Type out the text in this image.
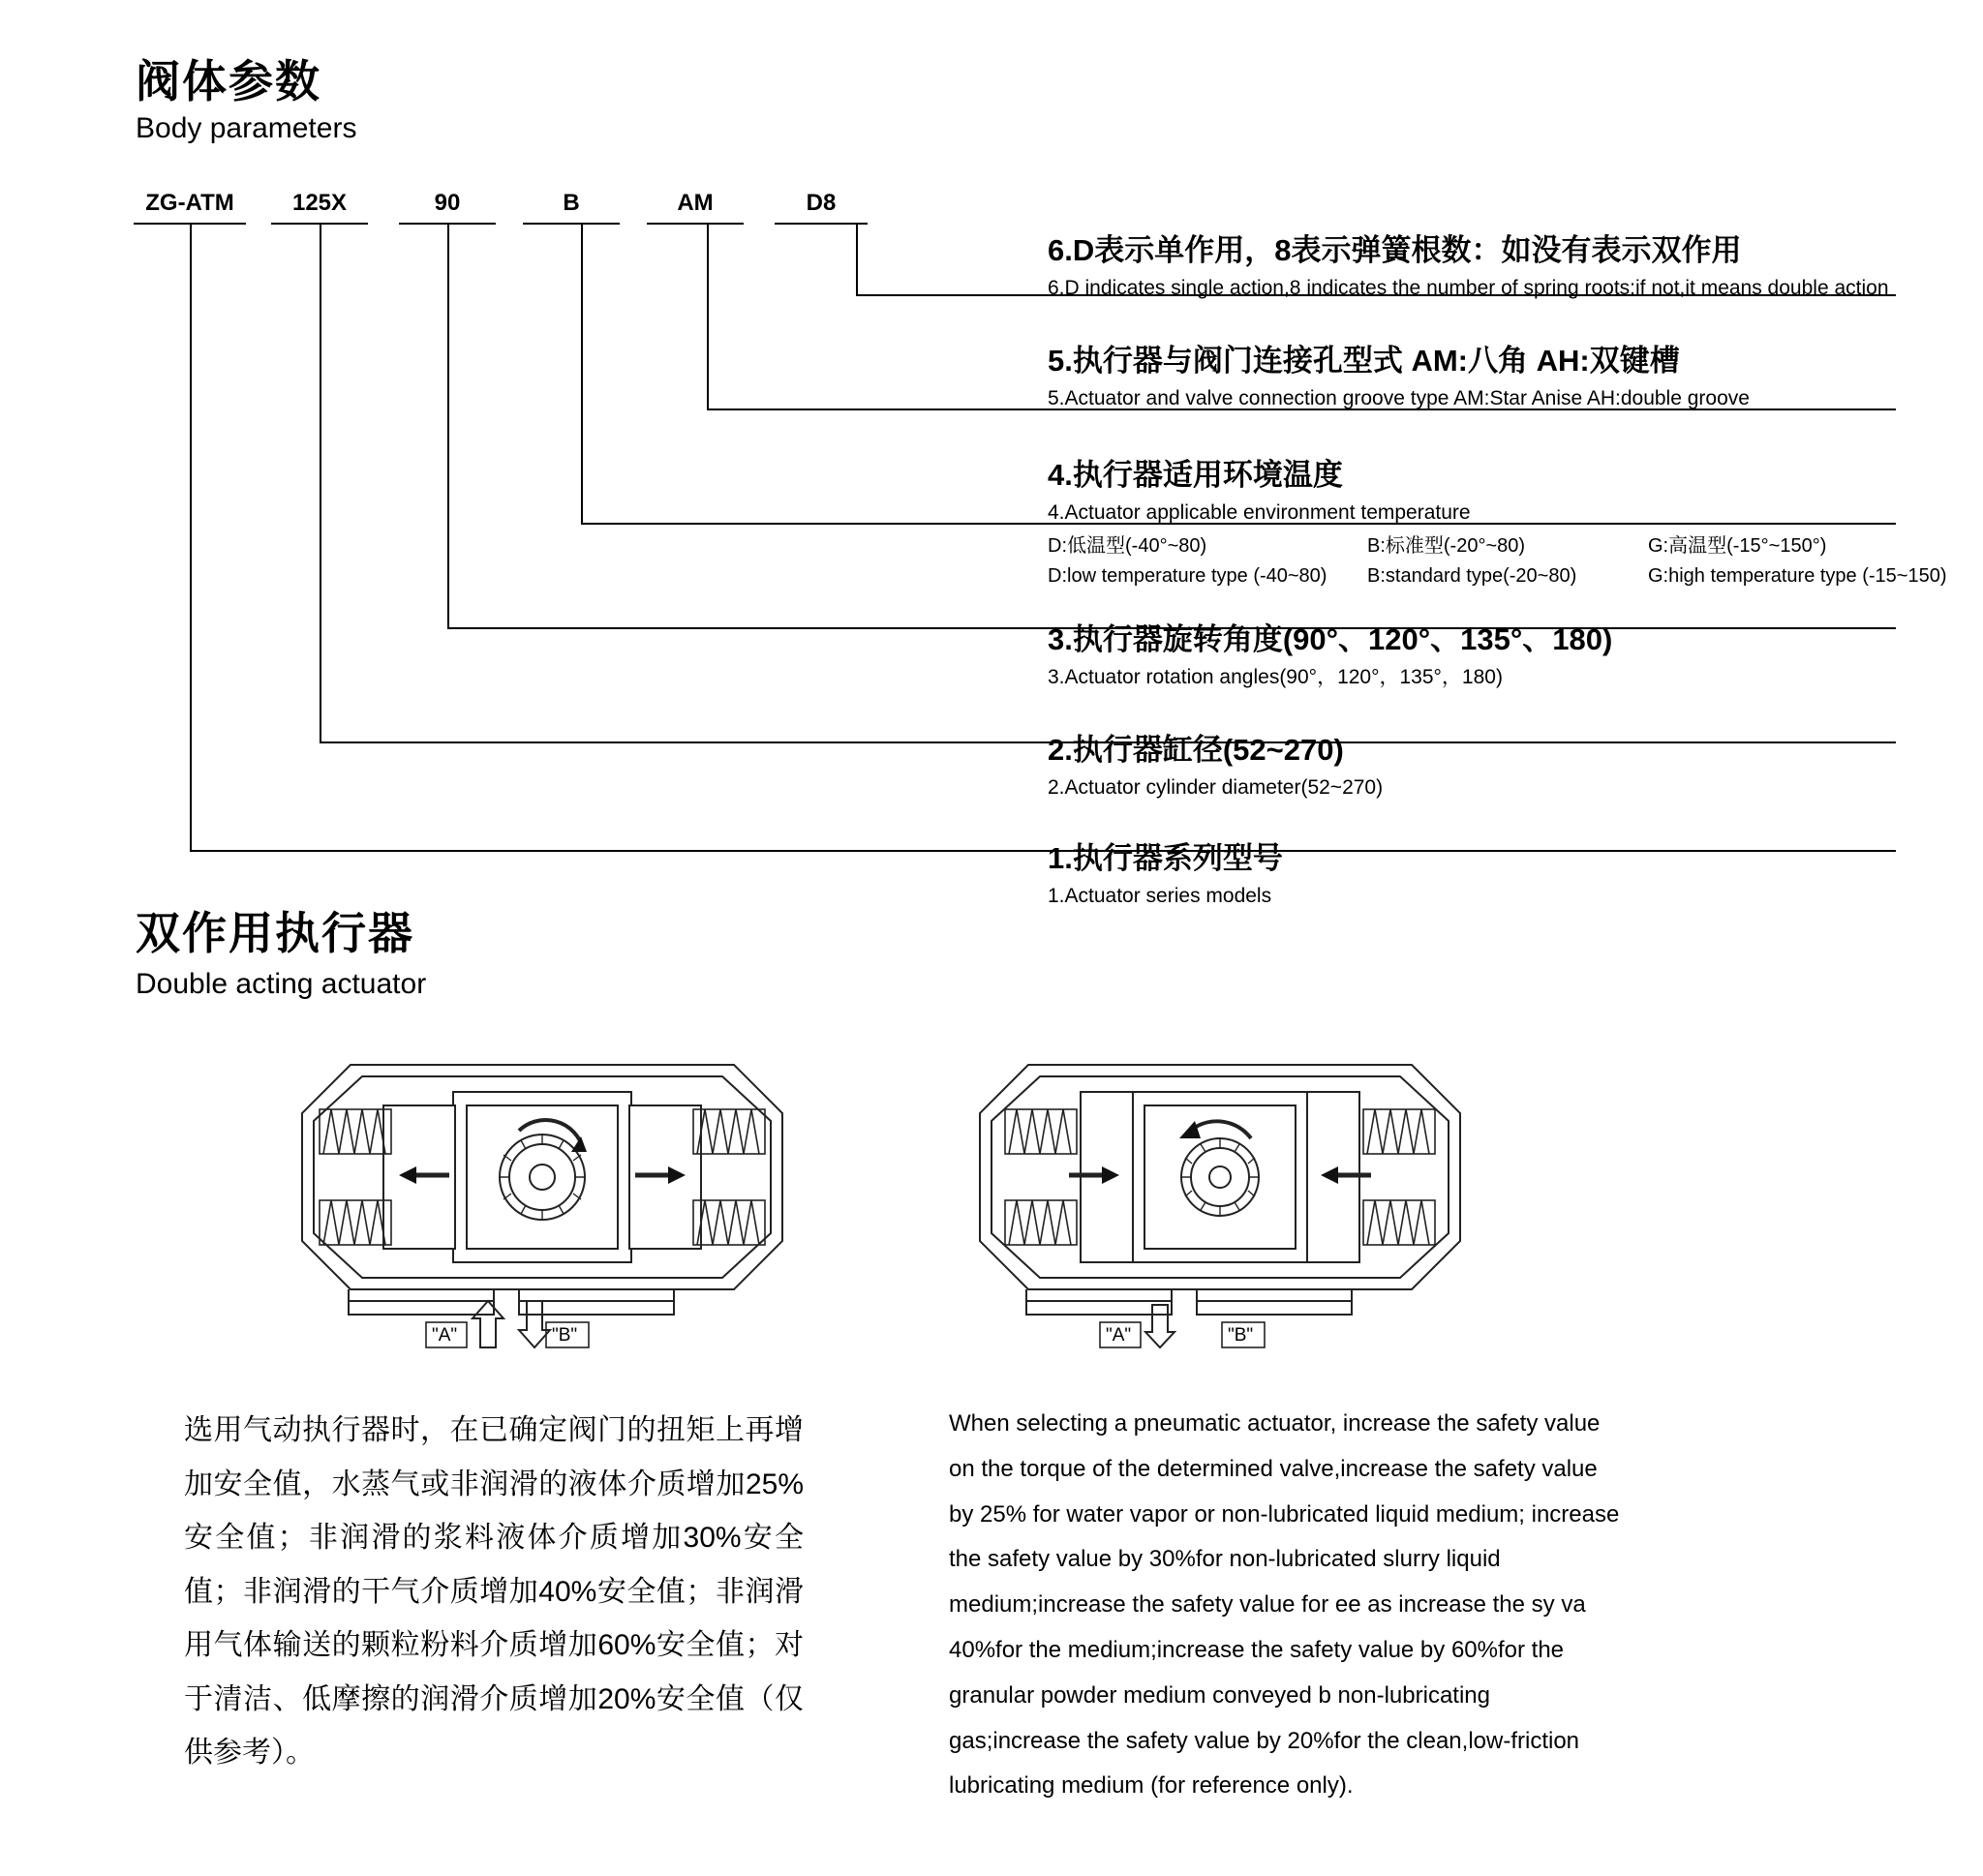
阀体参数
Body parameters
ZG-ATM	125X	90	B	AM	D8
6.D表示单作用，8表示弹簧根数：如没有表示双作用
6.D indicates single action,8 indicates the number of spring roots:if not,it means double action
5.执行器与阀门连接孔型式 AM:八角 AH:双键槽
5.Actuator and valve connection groove type AM:Star Anise AH:double groove
4.执行器适用环境温度
4.Actuator applicable environment temperature
D:低温型(-40°~80)	B:标准型(-20°~80)	G:高温型(-15°~150°)
D:low temperature type (-40~80)	B:standard type(-20~80)	G:high temperature type (-15~150)
3.执行器旋转角度(90°、120°、135°、180)
3.Actuator rotation angles(90°，120°，135°，180)
2.执行器缸径(52~270)
2.Actuator cylinder diameter(52~270)
1.执行器系列型号
1.Actuator series models
双作用执行器
Double acting actuator
"A"	"B"	"A"	"B"
选用气动执行器时，在已确定阀门的扭矩上再增加安全值，水蒸气或非润滑的液体介质增加25%安全值；非润滑的浆料液体介质增加30%安全值；非润滑的干气介质增加40%安全值；非润滑用气体输送的颗粒粉料介质增加60%安全值；对于清洁、低摩擦的润滑介质增加20%安全值（仅供参考）。
When selecting a pneumatic actuator, increase the safety value on the torque of the determined valve,increase the safety value by 25% for water vapor or non-lubricated liquid medium; increase the safety value by 30%for non-lubricated slurry liquid medium;increase the safety value for ee as increase the sy va 40%for the medium;increase the safety value by 60%for the granular powder medium conveyed b non-lubricating gas;increase the safety value by 20%for the clean,low-friction lubricating medium (for reference only).
